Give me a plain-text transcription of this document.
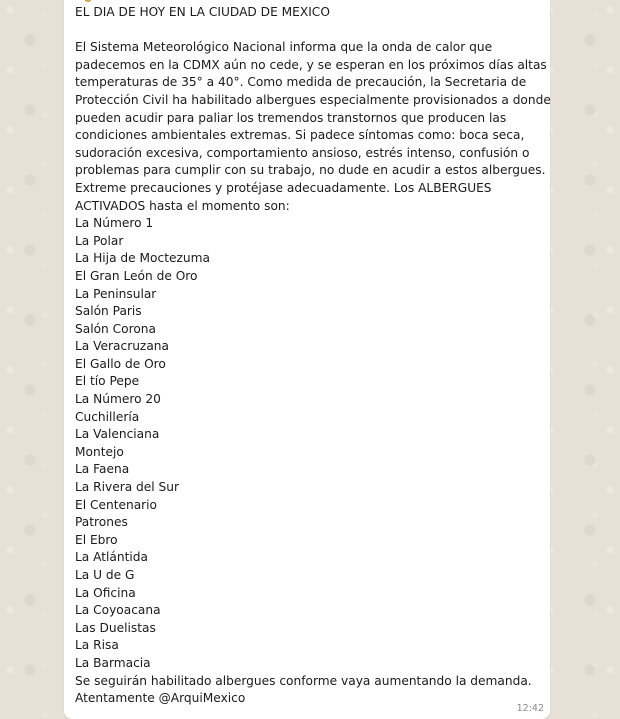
EL DIA DE HOY EN LA CIUDAD DE MEXICO
El Sistema Meteorológico Nacional informa que la onda de calor que
padecemos en la CDMX aún no cede, y se esperan en los próximos días altas
temperaturas de 35° a 40°. Como medida de precaución, la Secretaria de
Protección Civil ha habilitado albergues especialmente provisionados a donde
pueden acudir para paliar los tremendos transtornos que producen las
condiciones ambientales extremas. Si padece síntomas como: boca seca,
sudoración excesiva, comportamiento ansioso, estrés intenso, confusión o
problemas para cumplir con su trabajo, no dude en acudir a estos albergues.
Extreme precauciones y protéjase adecuadamente. Los ALBERGUES
ACTIVADOS hasta el momento son:
La Número 1
La Polar
La Hija de Moctezuma
El Gran León de Oro
La Peninsular
Salón Paris
Salón Corona
La Veracruzana
El Gallo de Oro
El tío Pepe
La Número 20
Cuchillería
La Valenciana
Montejo
La Faena
La Rivera del Sur
El Centenario
Patrones
El Ebro
La Atlántida
La U de G
La Oficina
La Coyoacana
Las Duelistas
La Risa
La Barmacia
Se seguirán habilitado albergues conforme vaya aumentando la demanda.
Atentamente @ArquiMexico
12:42
